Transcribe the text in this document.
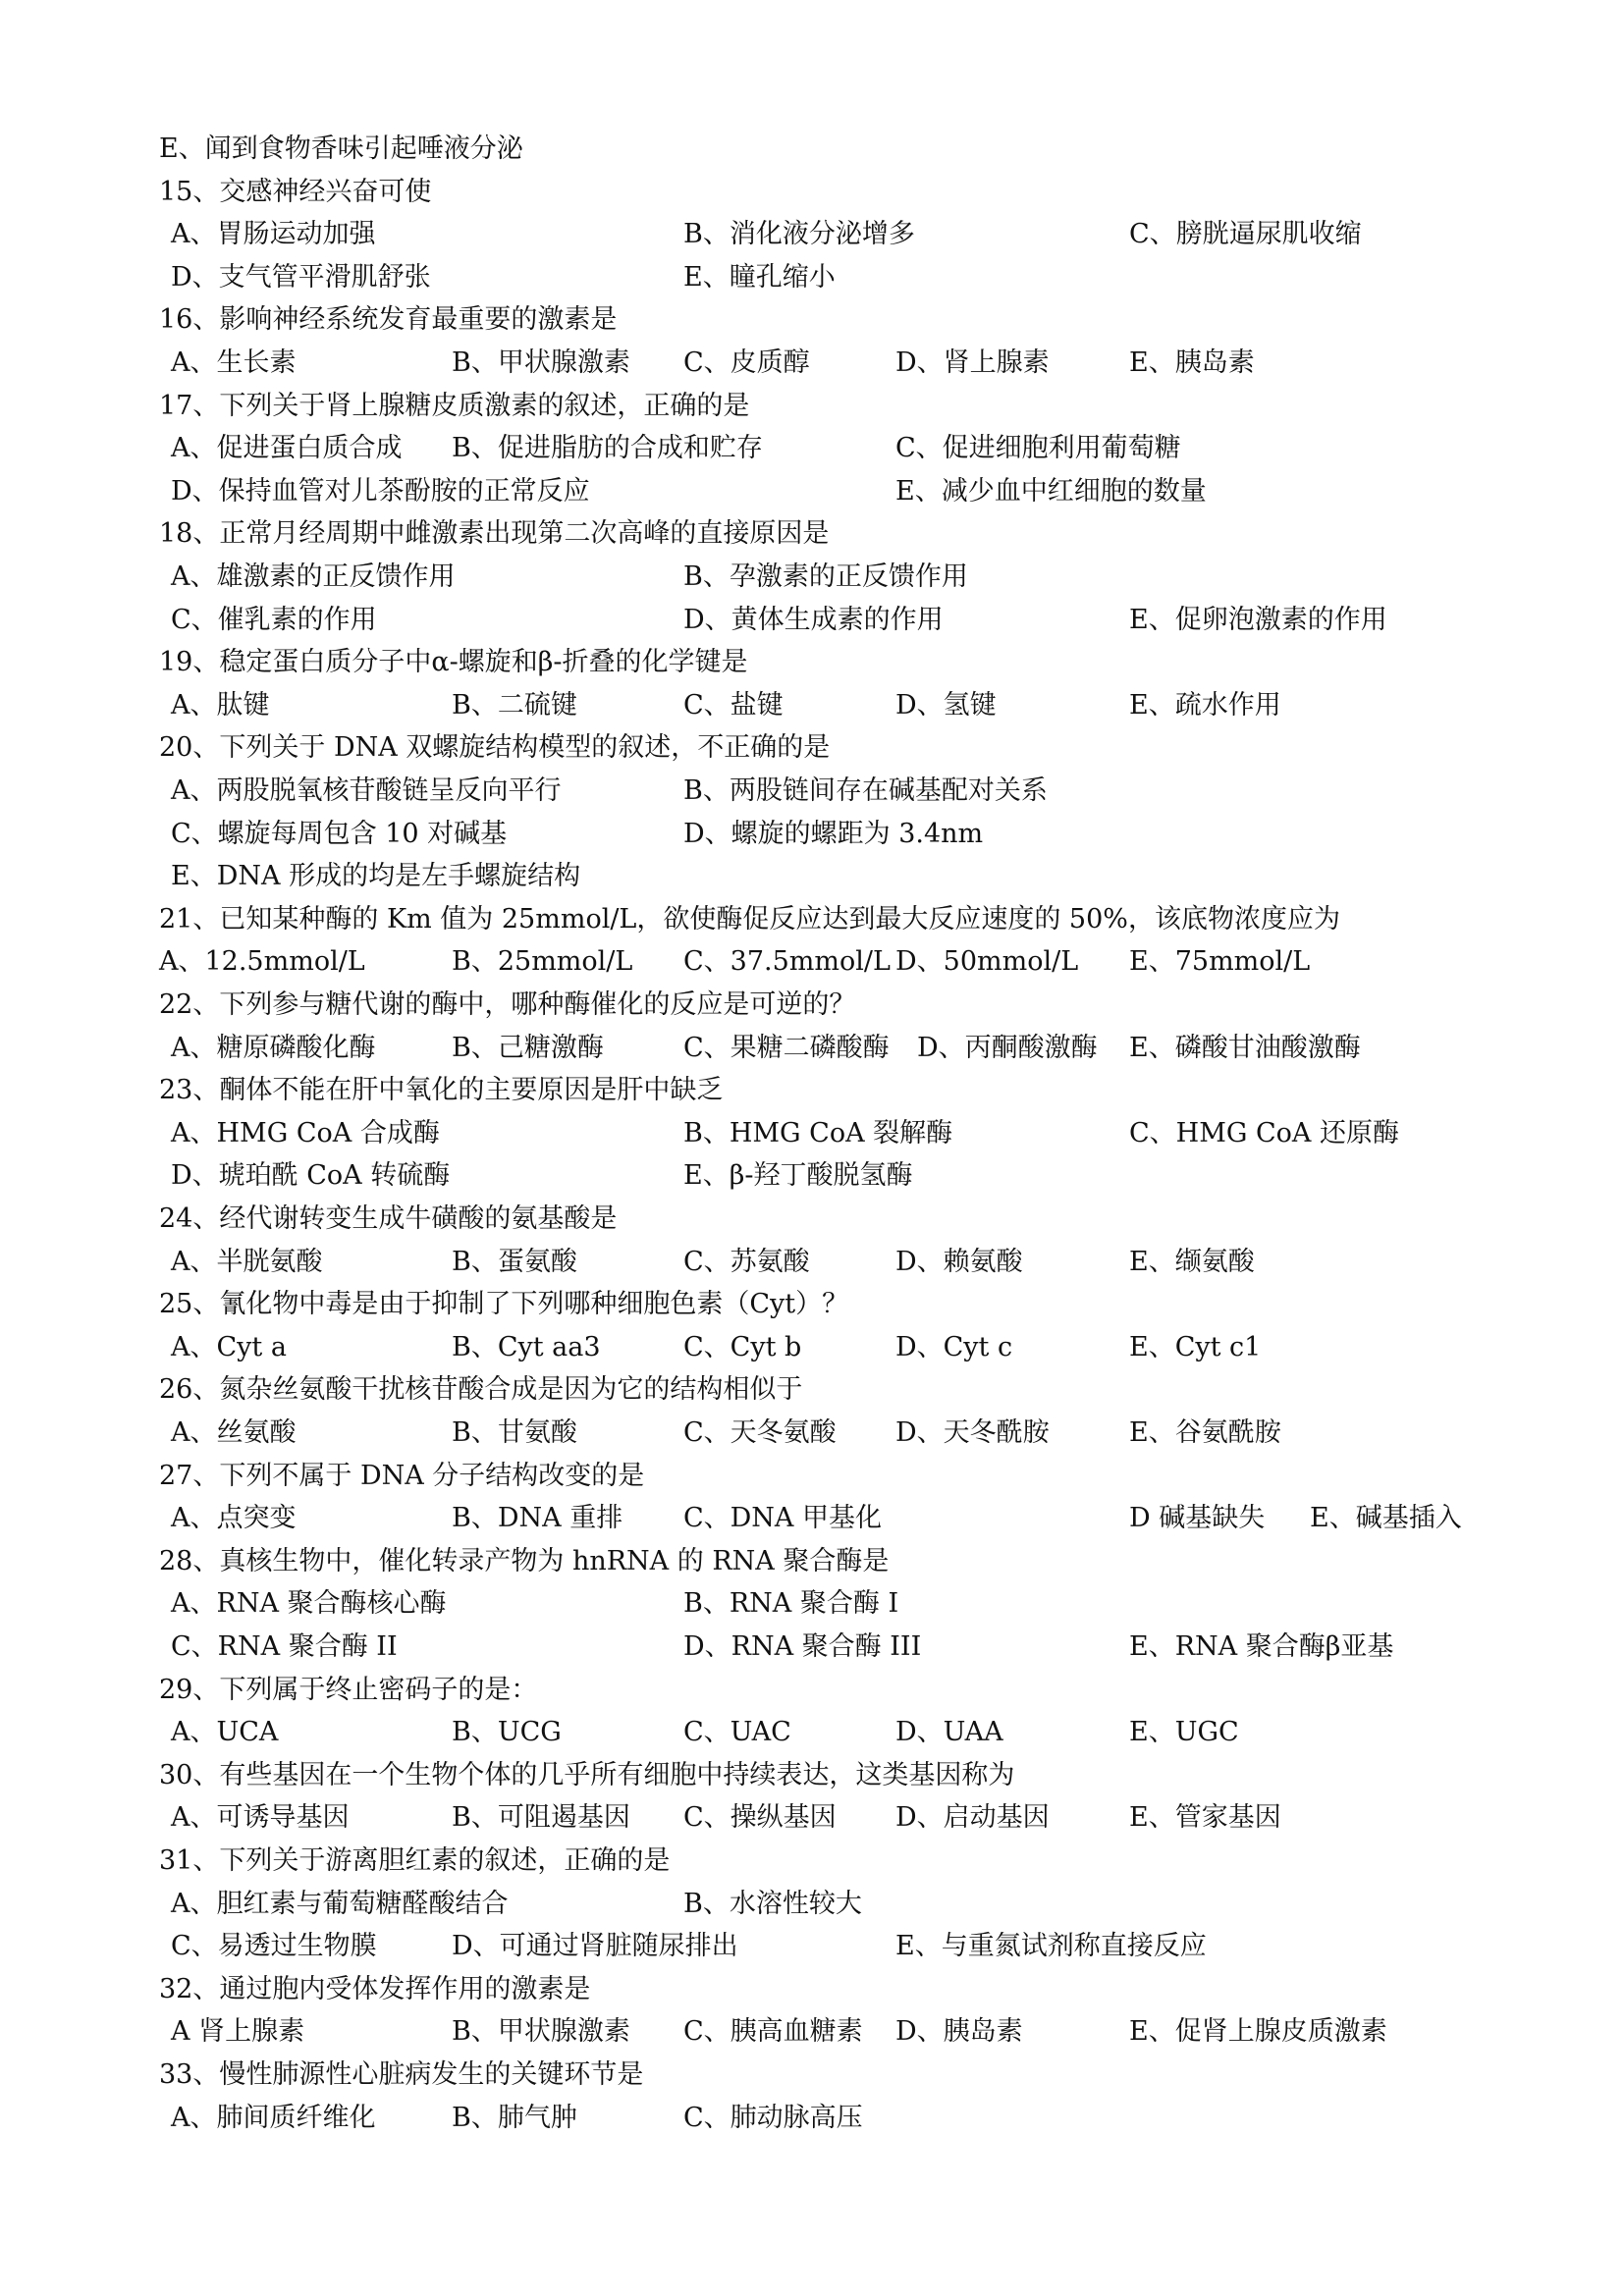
E、闻到食物香味引起唾液分泌
15、交感神经兴奋可使
A、胃肠运动加强	B、消化液分泌增多	C、膀胱逼尿肌收缩
D、支气管平滑肌舒张	E、瞳孔缩小
16、影响神经系统发育最重要的激素是
A、生长素	B、甲状腺激素 C、皮质醇	D、肾上腺素	E、胰岛素
17、下列关于肾上腺糖皮质激素的叙述，正确的是
A、促进蛋白质合成 B、促进脂肪的合成和贮存	C、促进细胞利用葡萄糖
D、保持血管对儿茶酚胺的正常反应	E、减少血中红细胞的数量
18、正常月经周期中雌激素出现第二次高峰的直接原因是
A、雄激素的正反馈作用	B、孕激素的正反馈作用
C、催乳素的作用	D、黄体生成素的作用	E、促卵泡激素的作用
19、稳定蛋白质分子中α-螺旋和β-折叠的化学键是
A、肽键	B、二硫键	C、盐键	D、氢键	E、疏水作用
20、下列关于 DNA 双螺旋结构模型的叙述，不正确的是
A、两股脱氧核苷酸链呈反向平行	B、两股链间存在碱基配对关系
C、螺旋每周包含 10 对碱基	D、螺旋的螺距为 3.4nm
E、DNA 形成的均是左手螺旋结构
21、已知某种酶的 Km 值为 25mmol/L，欲使酶促反应达到最大反应速度的 50%，该底物浓度应为
A、12.5mmol/L	B、25mmol/L C、37.5mmol/L D、50mmol/L E、75mmol/L
22、下列参与糖代谢的酶中，哪种酶催化的反应是可逆的？
A、糖原磷酸化酶	B、己糖激酶	C、果糖二磷酸酶 D、丙酮酸激酶 E、磷酸甘油酸激酶
23、酮体不能在肝中氧化的主要原因是肝中缺乏
A、HMG CoA 合成酶	B、HMG CoA 裂解酶	C、HMG CoA 还原酶
D、琥珀酰 CoA 转硫酶	E、β-羟丁酸脱氢酶
24、经代谢转变生成牛磺酸的氨基酸是
A、半胱氨酸	B、蛋氨酸	C、苏氨酸	D、赖氨酸	E、缬氨酸
25、氰化物中毒是由于抑制了下列哪种细胞色素（Cyt）？
A、Cyt a	B、Cyt aa3	C、Cyt b	D、Cyt c	E、Cyt c1
26、氮杂丝氨酸干扰核苷酸合成是因为它的结构相似于
A、丝氨酸	B、甘氨酸	C、天冬氨酸 D、天冬酰胺	E、谷氨酰胺
27、下列不属于 DNA 分子结构改变的是
A、点突变	B、DNA 重排 C、DNA 甲基化	D 碱基缺失 E、碱基插入
28、真核生物中，催化转录产物为 hnRNA 的 RNA 聚合酶是
A、RNA 聚合酶核心酶	B、RNA 聚合酶 I
C、RNA 聚合酶 II	D、RNA 聚合酶 III	E、RNA 聚合酶β亚基
29、下列属于终止密码子的是：
A、UCA	B、UCG	C、UAC	D、UAA	E、UGC
30、有些基因在一个生物个体的几乎所有细胞中持续表达，这类基因称为
A、可诱导基因	B、可阻遏基因 C、操纵基因 D、启动基因	E、管家基因
31、下列关于游离胆红素的叙述，正确的是
A、胆红素与葡萄糖醛酸结合	B、水溶性较大
C、易透过生物膜	D、可通过肾脏随尿排出	E、与重氮试剂称直接反应
32、通过胞内受体发挥作用的激素是
A 肾上腺素	B、甲状腺激素 C、胰高血糖素 D、胰岛素	E、促肾上腺皮质激素
33、慢性肺源性心脏病发生的关键环节是
A、肺间质纤维化	B、肺气肿	C、肺动脉高压
